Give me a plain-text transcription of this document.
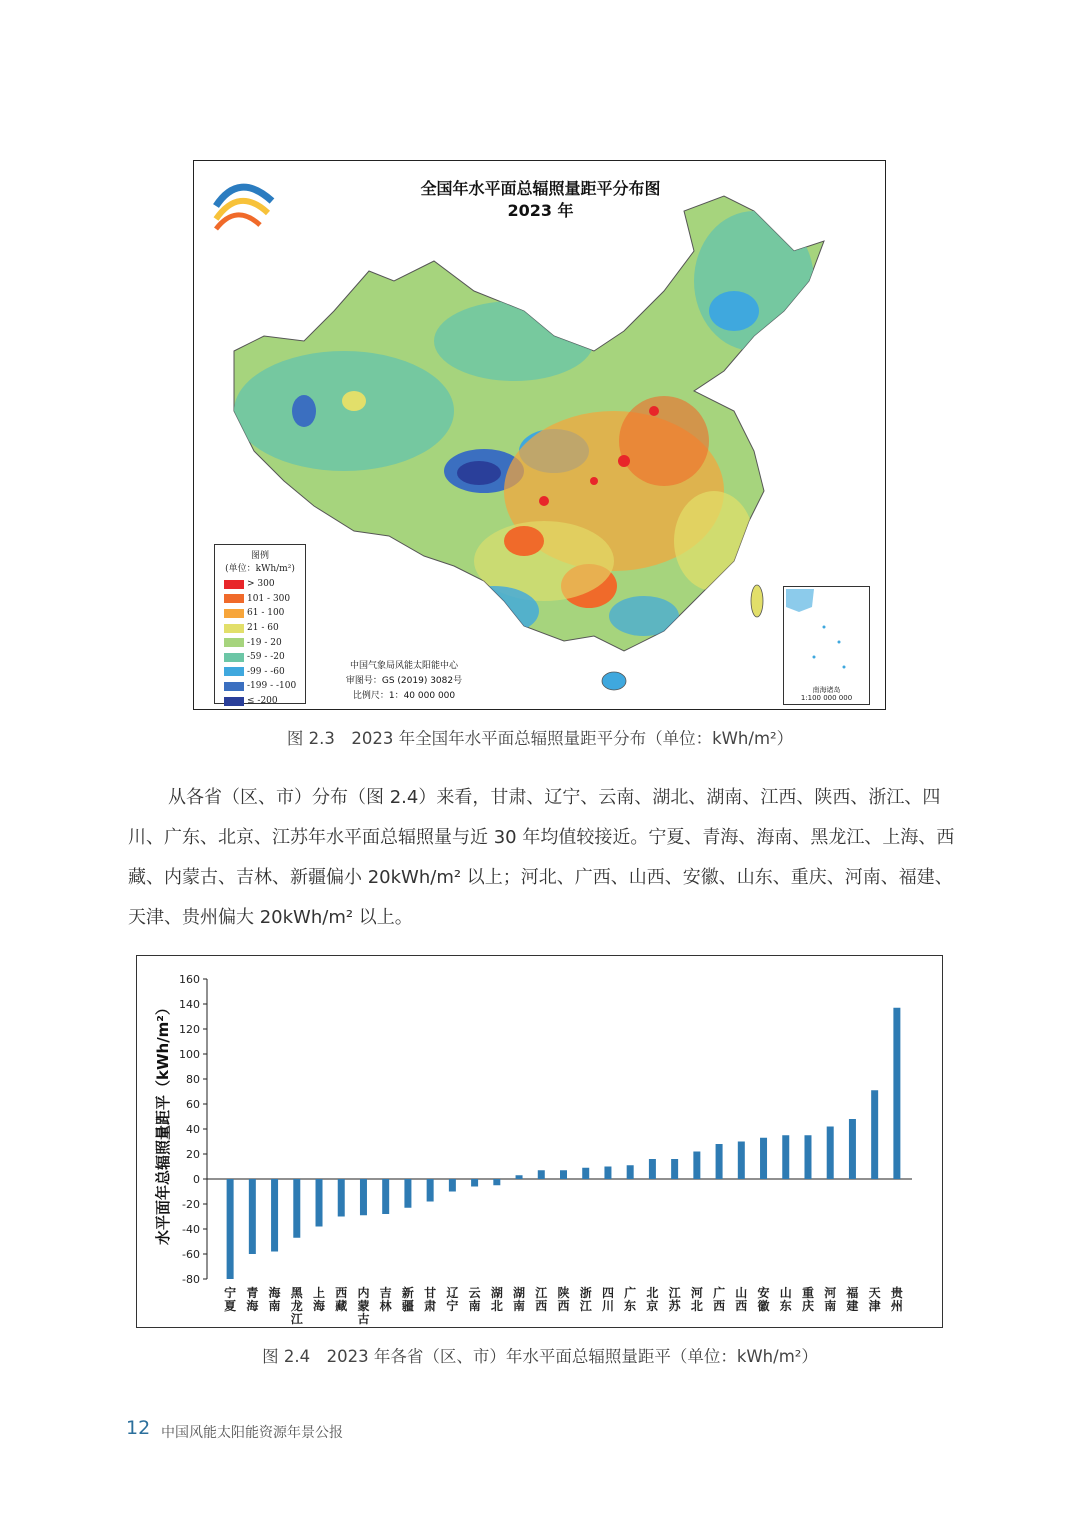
全国年水平面总辐照量距平分布图
2023 年
图例
(单位：kWh/m²)
> 300
101 - 300
61 - 100
21 - 60
-19 - 20
-59 - -20
-99 - -60
-199 - -100
≤ -200
中国气象局风能太阳能中心
审图号：GS (2019) 3082号
比例尺：1：40 000 000
南海诸岛
1:100 000 000
图 2.3　2023 年全国年水平面总辐照量距平分布（单位：kWh/m²）
从各省（区、市）分布（图 2.4）来看，甘肃、辽宁、云南、湖北、湖南、江西、陕西、浙江、四川、广东、北京、江苏年水平面总辐照量与近 30 年均值较接近。宁夏、青海、海南、黑龙江、上海、西藏、内蒙古、吉林、新疆偏小 20kWh/m² 以上；河北、广西、山西、安徽、山东、重庆、河南、福建、天津、贵州偏大 20kWh/m² 以上。
-80
-60
-40
-20
0
20
40
60
80
100
120
140
160
宁夏
青海
海南
黑龙江
上海
西藏
内蒙古
吉林
新疆
甘肃
辽宁
云南
湖北
湖南
江西
陕西
浙江
四川
广东
北京
江苏
河北
广西
山西
安徽
山东
重庆
河南
福建
天津
贵州
水平面年总辐照量距平（kWh/m²）
图 2.4　2023 年各省（区、市）年水平面总辐照量距平（单位：kWh/m²）
12 中国风能太阳能资源年景公报
